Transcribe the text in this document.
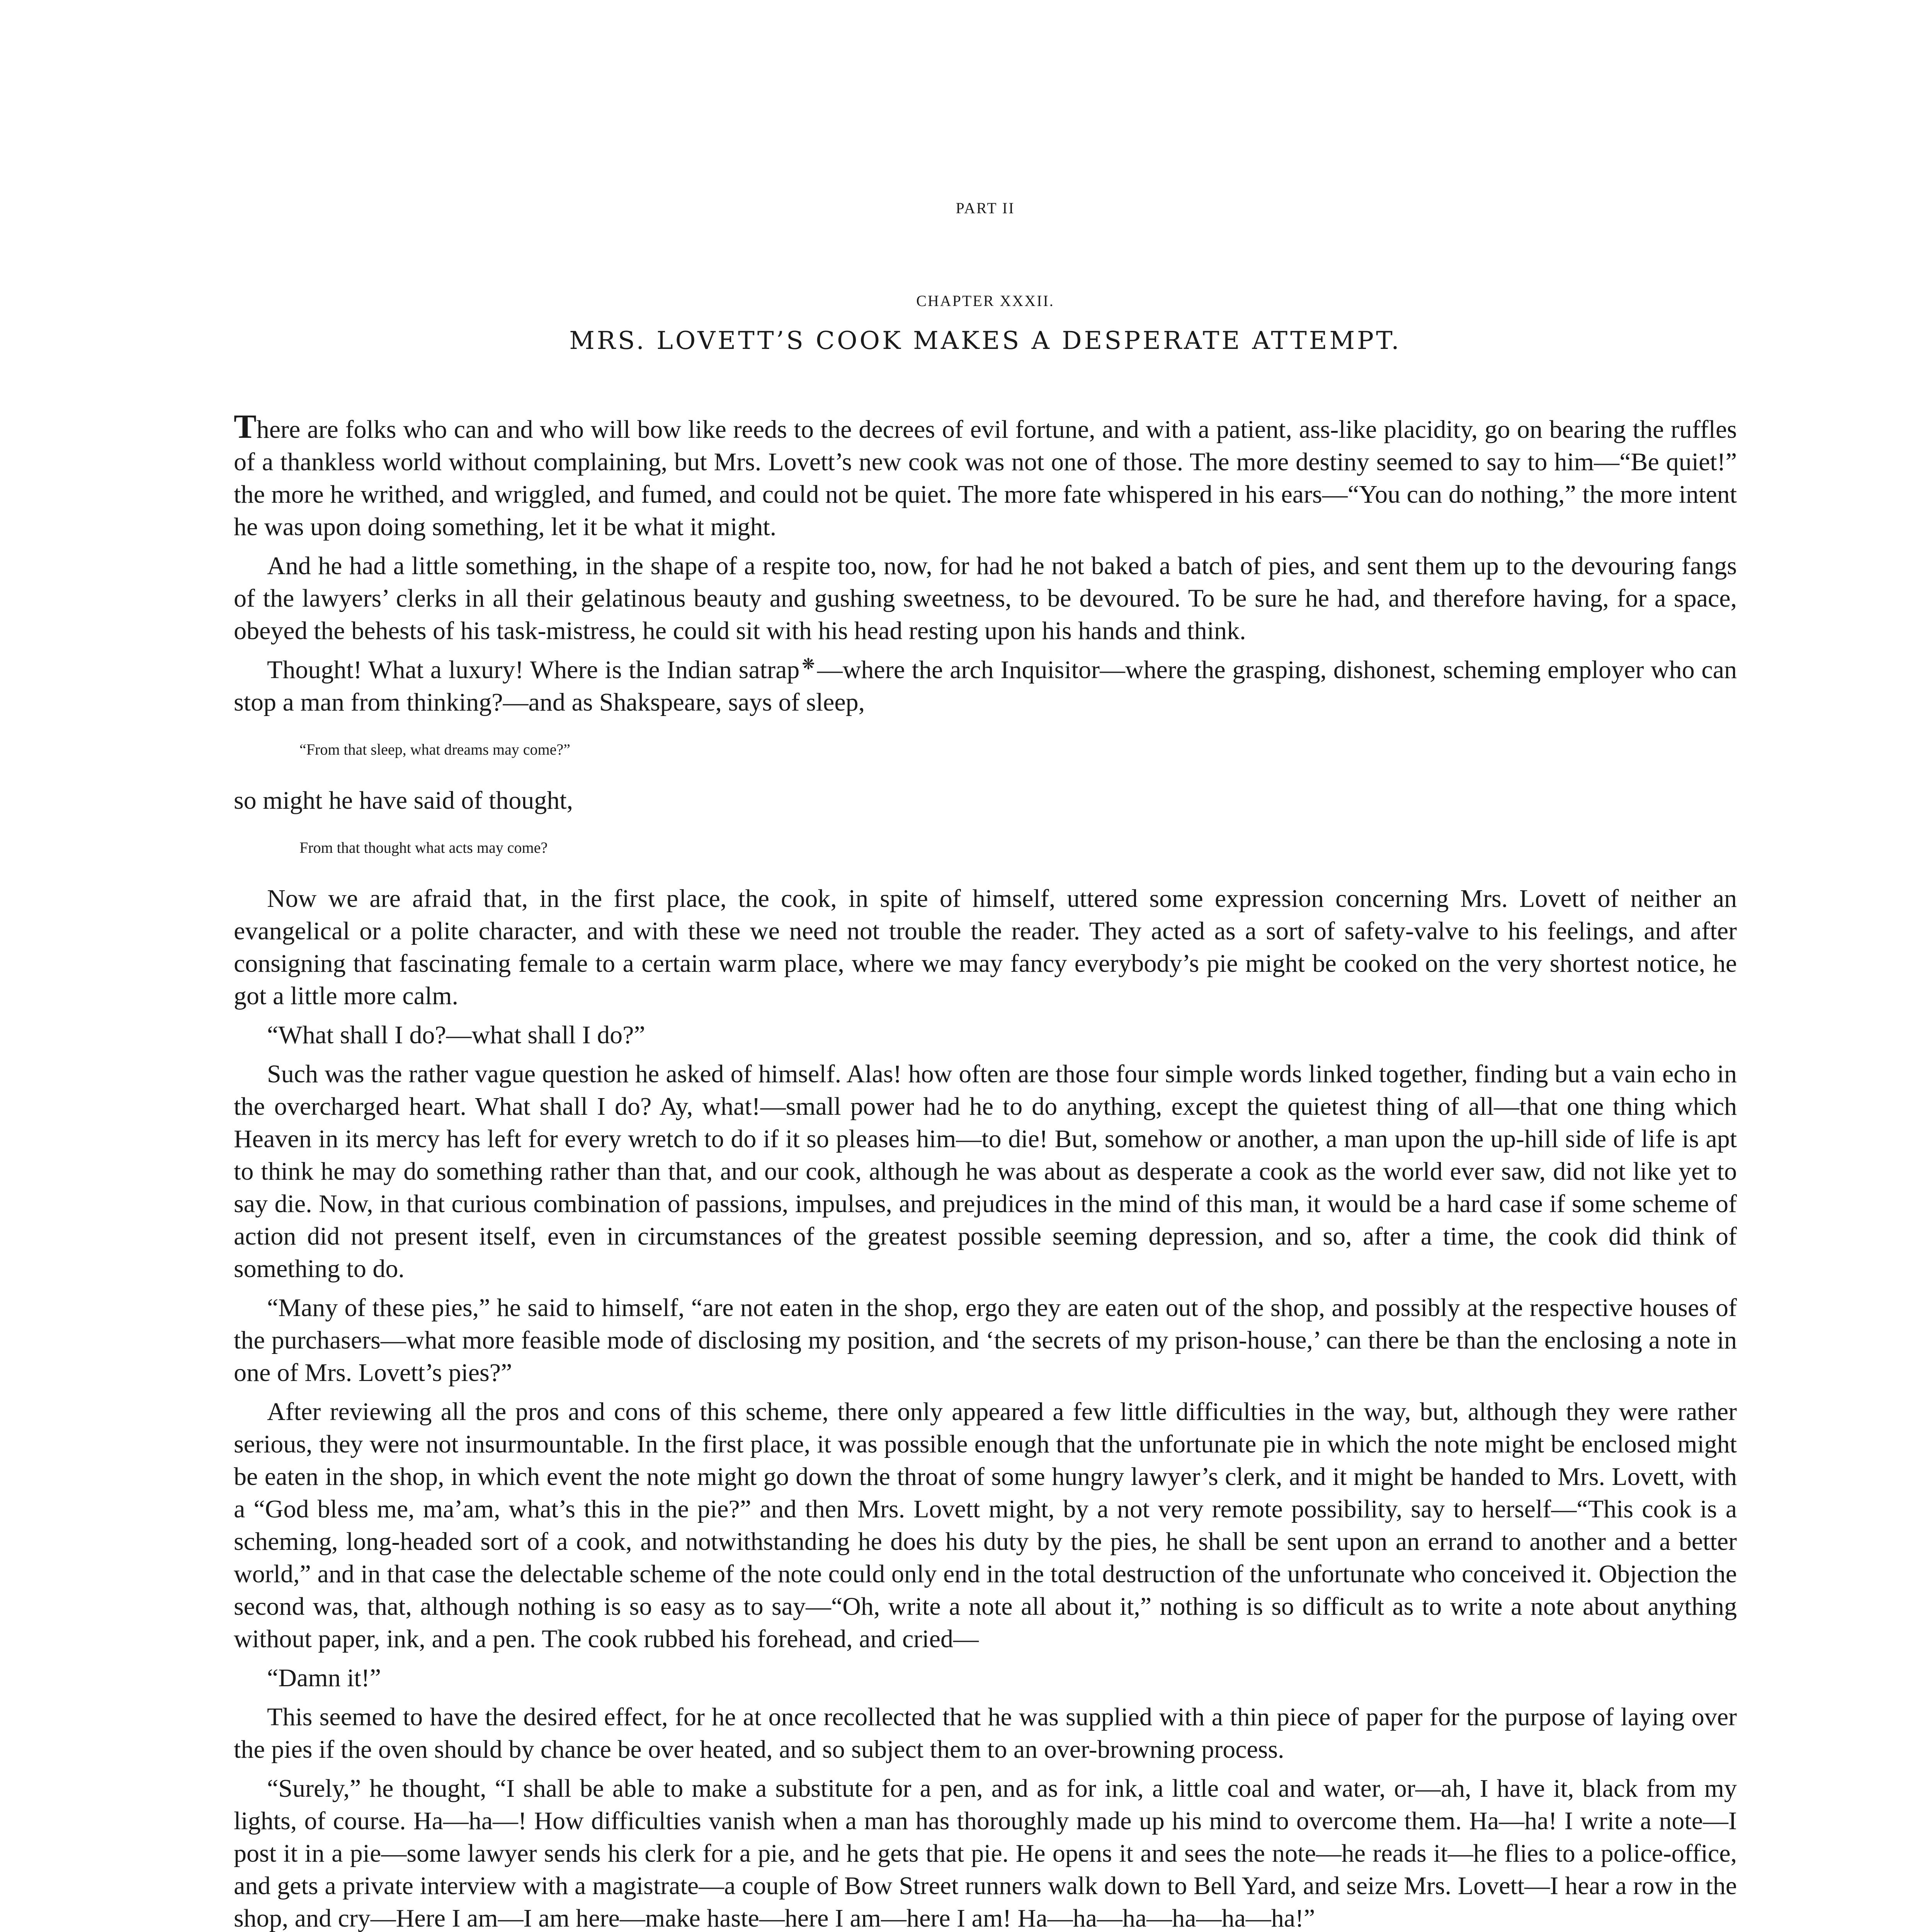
PART II
CHAPTER XXXII.
MRS. LOVETT’S COOK MAKES A DESPERATE ATTEMPT.

There are folks who can and who will bow like reeds to the decrees of evil fortune, and with a patient, ass-like placidity, go on bearing the ruffles of a thankless world without complaining, but Mrs. Lovett’s new cook was not one of those. The more destiny seemed to say to him—“Be quiet!” the more he writhed, and wriggled, and fumed, and could not be quiet. The more fate whispered in his ears—“You can do nothing,” the more intent he was upon doing something, let it be what it might.

And he had a little something, in the shape of a respite too, now, for had he not baked a batch of pies, and sent them up to the devouring fangs of the lawyers’ clerks in all their gelatinous beauty and gushing sweetness, to be devoured. To be sure he had, and therefore having, for a space, obeyed the behests of his task-mistress, he could sit with his head resting upon his hands and think.

Thought! What a luxury! Where is the Indian satrap ❋—where the arch Inquisitor—where the grasping, dishonest, scheming employer who can stop a man from thinking?—and as Shakspeare, says of sleep,

“From that sleep, what dreams may come?”

so might he have said of thought,

From that thought what acts may come?

Now we are afraid that, in the first place, the cook, in spite of himself, uttered some expression concerning Mrs. Lovett of neither an evangelical or a polite character, and with these we need not trouble the reader. They acted as a sort of safety-valve to his feelings, and after consigning that fascinating female to a certain warm place, where we may fancy everybody’s pie might be cooked on the very shortest notice, he got a little more calm.

“What shall I do?—what shall I do?”

Such was the rather vague question he asked of himself. Alas! how often are those four simple words linked together, finding but a vain echo in the overcharged heart. What shall I do? Ay, what!—small power had he to do anything, except the quietest thing of all—that one thing which Heaven in its mercy has left for every wretch to do if it so pleases him—to die! But, somehow or another, a man upon the up-hill side of life is apt to think he may do something rather than that, and our cook, although he was about as desperate a cook as the world ever saw, did not like yet to say die. Now, in that curious combination of passions, impulses, and prejudices in the mind of this man, it would be a hard case if some scheme of action did not present itself, even in circumstances of the greatest possible seeming depression, and so, after a time, the cook did think of something to do.

“Many of these pies,” he said to himself, “are not eaten in the shop, ergo they are eaten out of the shop, and possibly at the respective houses of the purchasers—what more feasible mode of disclosing my position, and ‘the secrets of my prison-house,’ can there be than the enclosing a note in one of Mrs. Lovett’s pies?”

After reviewing all the pros and cons of this scheme, there only appeared a few little difficulties in the way, but, although they were rather serious, they were not insurmountable. In the first place, it was possible enough that the unfortunate pie in which the note might be enclosed might be eaten in the shop, in which event the note might go down the throat of some hungry lawyer’s clerk, and it might be handed to Mrs. Lovett, with a “God bless me, ma’am, what’s this in the pie?” and then Mrs. Lovett might, by a not very remote possibility, say to herself—“This cook is a scheming, long-headed sort of a cook, and notwithstanding he does his duty by the pies, he shall be sent upon an errand to another and a better world,” and in that case the delectable scheme of the note could only end in the total destruction of the unfortunate who conceived it. Objection the second was, that, although nothing is so easy as to say—“Oh, write a note all about it,” nothing is so difficult as to write a note about anything without paper, ink, and a pen. The cook rubbed his forehead, and cried—

“Damn it!”

This seemed to have the desired effect, for he at once recollected that he was supplied with a thin piece of paper for the purpose of laying over the pies if the oven should by chance be over heated, and so subject them to an over-browning process.

“Surely,” he thought, “I shall be able to make a substitute for a pen, and as for ink, a little coal and water, or—ah, I have it, black from my lights, of course. Ha—ha—! How difficulties vanish when a man has thoroughly made up his mind to overcome them. Ha—ha! I write a note—I post it in a pie—some lawyer sends his clerk for a pie, and he gets that pie. He opens it and sees the note—he reads it—he flies to a police-office, and gets a private interview with a magistrate—a couple of Bow Street runners walk down to Bell Yard, and seize Mrs. Lovett—I hear a row in the shop, and cry—Here I am—I am here—make haste—here I am—here I am! Ha—ha—ha—ha—ha—ha!”
